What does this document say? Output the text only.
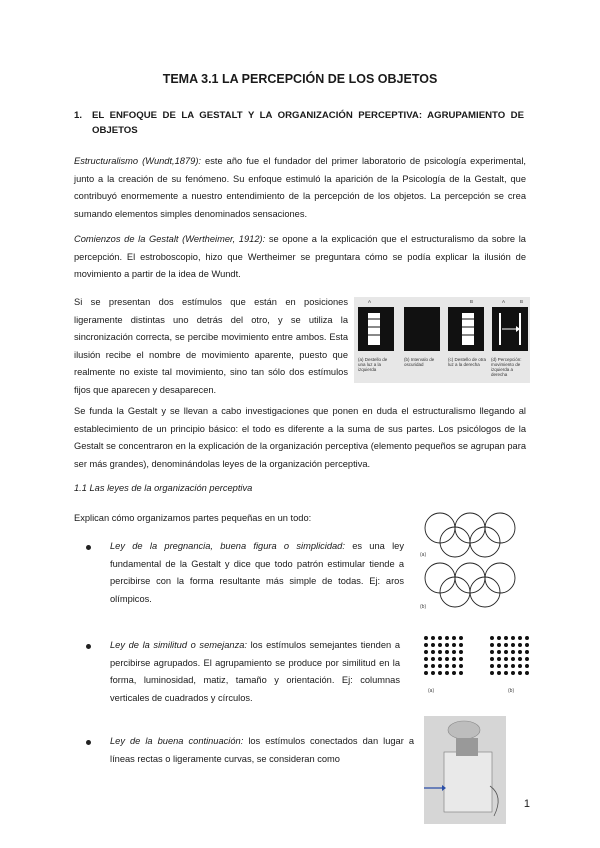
TEMA 3.1 LA PERCEPCIÓN DE LOS OBJETOS
1. EL ENFOQUE DE LA GESTALT Y LA ORGANIZACIÓN PERCEPTIVA: AGRUPAMIENTO DE OBJETOS

Estructuralismo (Wundt,1879): este año fue el fundador del primer laboratorio de psicología experimental, junto a la creación de su fenómeno. Su enfoque estimuló la aparición de la Psicología de la Gestalt, que contribuyó enormemente a nuestro entendimiento de la percepción de los objetos. La percepción se crea sumando elementos simples denominados sensaciones.

Comienzos de la Gestalt (Wertheimer, 1912): se opone a la explicación que el estructuralismo da sobre la percepción. El estroboscopio, hizo que Wertheimer se preguntara cómo se podía explicar la ilusión de movimiento a partir de la idea de Wundt.

Si se presentan dos estímulos que están en posiciones ligeramente distintas uno detrás del otro, y se utiliza la sincronización correcta, se percibe movimiento entre ambos. Esta ilusión recibe el nombre de movimiento aparente, puesto que realmente no existe tal movimiento, sino tan sólo dos estímulos fijos que aparecen y desaparecen.

A	B	A	B
(a) Destello de una luz a la izquierda
(b) Intervalo de oscuridad
(c) Destello de otra luz a la derecha
(d) Percepción: movimiento de izquierda a derecha

Se funda la Gestalt y se llevan a cabo investigaciones que ponen en duda el estructuralismo llegando al establecimiento de un principio básico: el todo es diferente a la suma de sus partes. Los psicólogos de la Gestalt se concentraron en la explicación de la organización perceptiva (elemento pequeños se agrupan para ser más grandes), denominándolas leyes de la organización perceptiva.

1.1 Las leyes de la organización perceptiva

Explican cómo organizamos partes pequeñas en un todo:

(a)
(b)
Ley de la pregnancia, buena figura o simplicidad: es una ley fundamental de la Gestalt y dice que todo patrón estimular tiende a percibirse con la forma resultante más simple de todas. Ej: aros olímpicos.
(a)	(b)
Ley de la similitud o semejanza: los estímulos semejantes tienden a percibirse agrupados. El agrupamiento se produce por similitud en la forma, luminosidad, matiz, tamaño y orientación. Ej: columnas verticales de cuadrados y círculos.
Ley de la buena continuación: los estímulos conectados dan lugar a líneas rectas o ligeramente curvas, se consideran como
1
